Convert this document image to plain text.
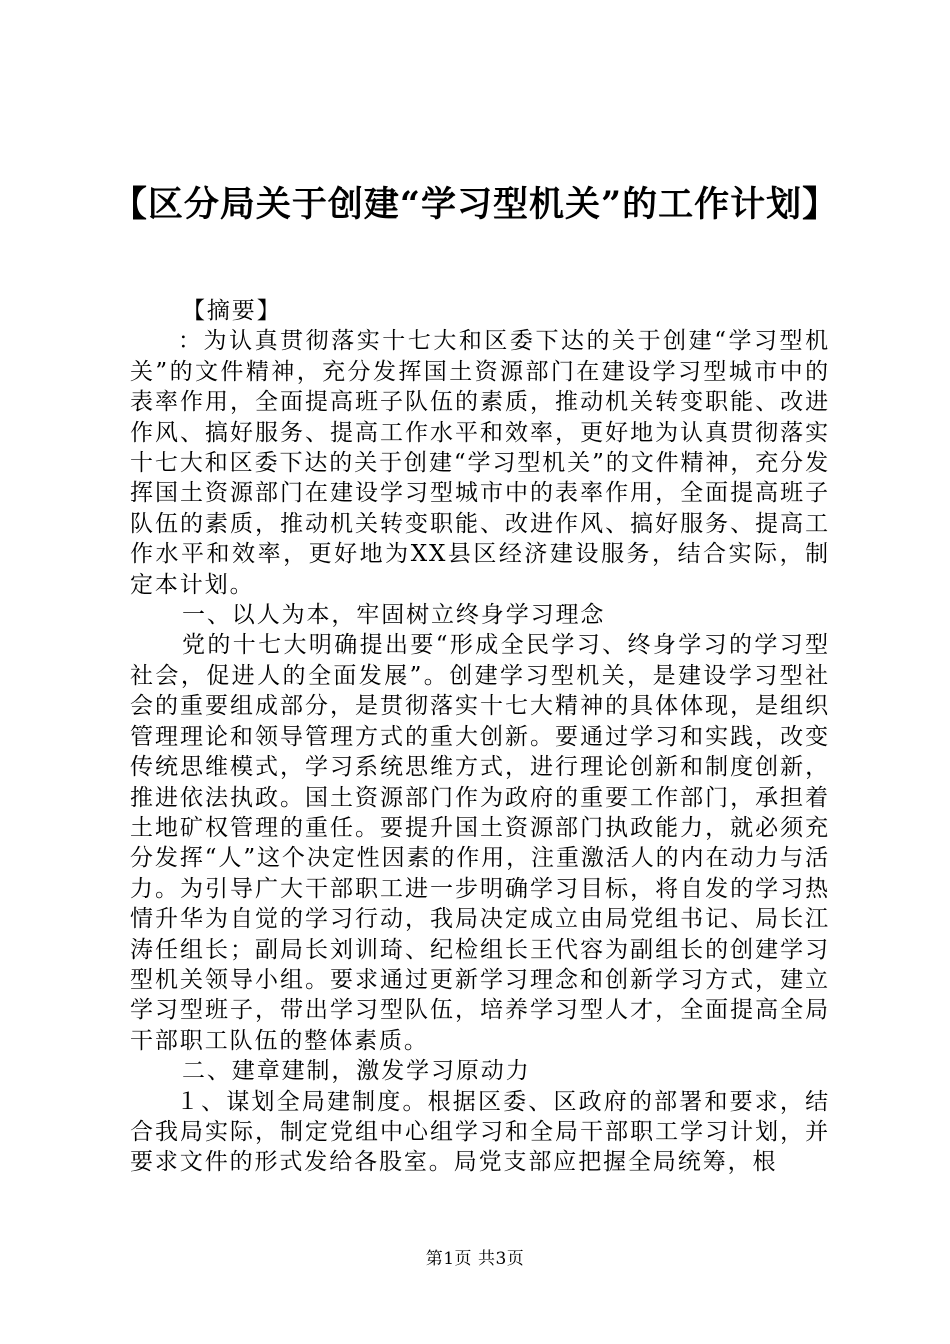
【区分局关于创建“学习型机关”的工作计划】

【摘要】

：为认真贯彻落实十七大和区委下达的关于创建“学习型机关”的文件精神，充分发挥国土资源部门在建设学习型城市中的表率作用，全面提高班子队伍的素质，推动机关转变职能、改进作风、搞好服务、提高工作水平和效率，更好地为认真贯彻落实十七大和区委下达的关于创建“学习型机关”的文件精神，充分发挥国土资源部门在建设学习型城市中的表率作用，全面提高班子队伍的素质，推动机关转变职能、改进作风、搞好服务、提高工作水平和效率，更好地为XX县区经济建设服务，结合实际，制定本计划。

一、以人为本，牢固树立终身学习理念

党的十七大明确提出要“形成全民学习、终身学习的学习型社会，促进人的全面发展”。创建学习型机关，是建设学习型社会的重要组成部分，是贯彻落实十七大精神的具体体现，是组织管理理论和领导管理方式的重大创新。要通过学习和实践，改变传统思维模式，学习系统思维方式，进行理论创新和制度创新，推进依法执政。国土资源部门作为政府的重要工作部门，承担着土地矿权管理的重任。要提升国土资源部门执政能力，就必须充分发挥“人”这个决定性因素的作用，注重激活人的内在动力与活力。为引导广大干部职工进一步明确学习目标，将自发的学习热情升华为自觉的学习行动，我局决定成立由局党组书记、局长江涛任组长；副局长刘训琦、纪检组长王代容为副组长的创建学习型机关领导小组。要求通过更新学习理念和创新学习方式，建立学习型班子，带出学习型队伍，培养学习型人才，全面提高全局干部职工队伍的整体素质。

二、建章建制，激发学习原动力

１、谋划全局建制度。根据区委、区政府的部署和要求，结合我局实际，制定党组中心组学习和全局干部职工学习计划，并要求文件的形式发给各股室。局党支部应把握全局统筹，根

第1页 共3页
